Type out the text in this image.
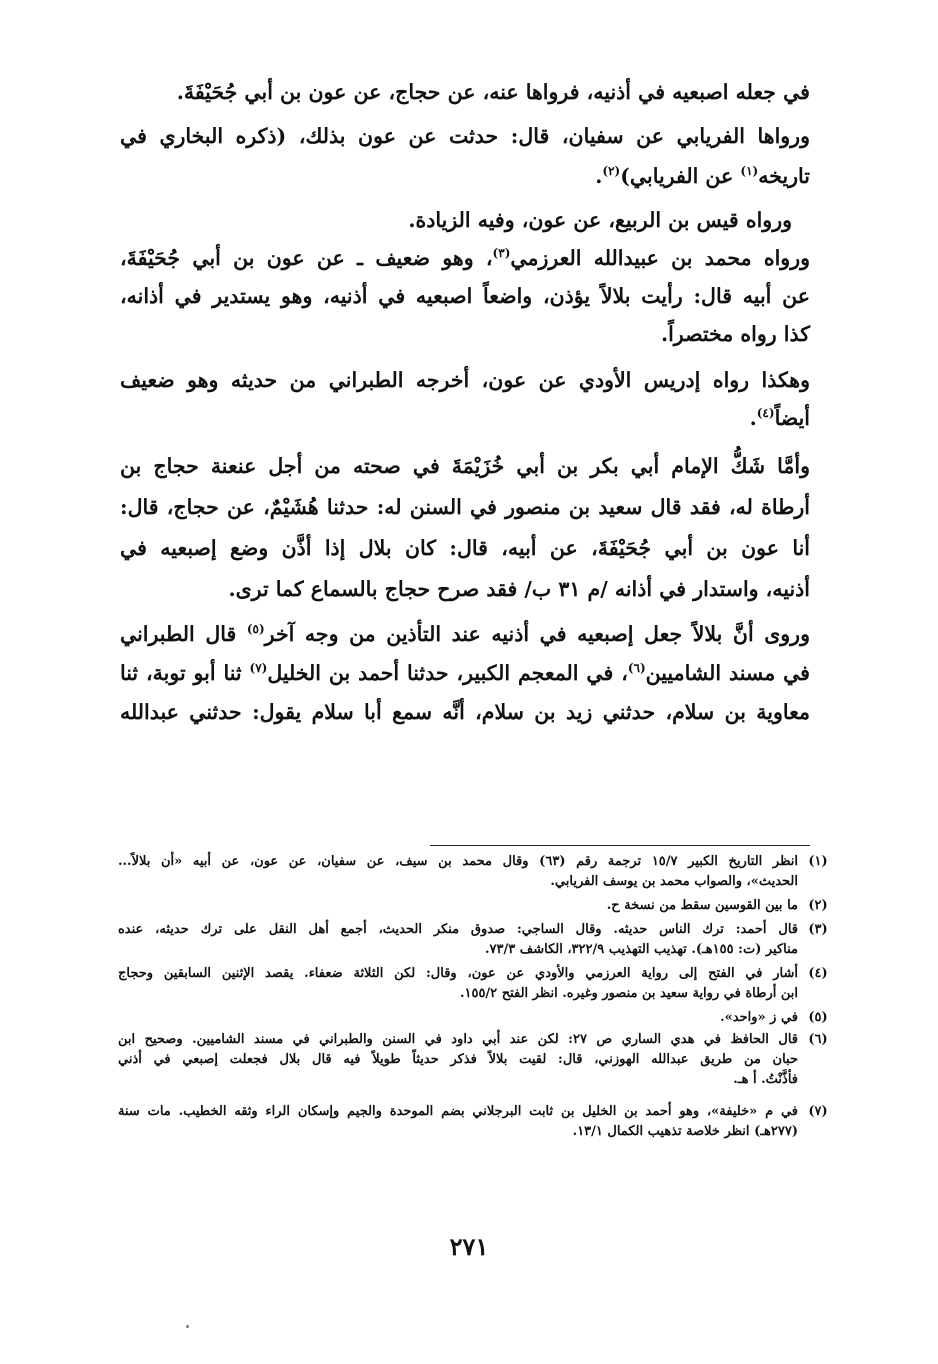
في جعله اصبعيه في أذنيه، فرواها عنه، عن حجاج، عن عون بن أبي جُحَيْفَةَ.
ورواها الفريابي عن سفيان، قال: حدثت عن عون بذلك، (ذكره البخاري في
تاريخه$^{(١)}$ عن الفريابي)$^{(٢)}$.
ورواه قيس بن الربيع، عن عون، وفيه الزيادة.
ورواه محمد بن عبيدالله العرزمي$^{(٣)}$، وهو ضعيف ـ عن عون بن أبي جُحَيْفَةَ،
عن أبيه قال: رأيت بلالاً يؤذن، واضعاً اصبعيه في أذنيه، وهو يستدير في أذانه،
كذا رواه مختصراً.
وهكذا رواه إدريس الأودي عن عون، أخرجه الطبراني من حديثه وهو ضعيف
أيضاً$^{(٤)}$.
وأمَّا شَكُّ الإمام أبي بكر بن أبي خُزَيْمَةَ في صحته من أجل عنعنة حجاج بن
أرطاة له، فقد قال سعيد بن منصور في السنن له: حدثنا هُشَيْمٌ، عن حجاج، قال:
أنا عون بن أبي جُحَيْفَةَ، عن أبيه، قال: كان بلال إذا أذَّن وضع إصبعيه في
أذنيه، واستدار في أذانه /م ٣١ ب/ فقد صرح حجاج بالسماع كما ترى.
وروى أنَّ بلالاً جعل إصبعيه في أذنيه عند التأذين من وجه آخر$^{(٥)}$ قال الطبراني
في مسند الشاميين$^{(٦)}$، في المعجم الكبير، حدثنا أحمد بن الخليل$^{(٧)}$ ثنا أبو توبة، ثنا
معاوية بن سلام، حدثني زيد بن سلام، أنَّه سمع أبا سلام يقول: حدثني عبدالله
(١)
انظر التاريخ الكبير ١٥/٧ ترجمة رقم (٦٣) وقال محمد بن سيف، عن سفيان، عن عون، عن أبيه «أن بلالاً...
الحديث»، والصواب محمد بن يوسف الفريابي.
(٢)
ما بين القوسين سقط من نسخة ح.
(٣)
قال أحمد: ترك الناس حديثه. وقال الساجي: صدوق منكر الحديث، أجمع أهل النقل على ترك حديثه، عنده
مناكير (ت: ١٥٥هـ). تهذيب التهذيب ٣٢٢/٩، الكاشف ٧٣/٣.
(٤)
أشار في الفتح إلى رواية العرزمي والأودي عن عون، وقال: لكن الثلاثة ضعفاء. يقصد الإثنين السابقين وحجاج
ابن أرطاة في رواية سعيد بن منصور وغيره. انظر الفتح ١٥٥/٢.
(٥)
في ز «واحد».
(٦)
قال الحافظ في هدي الساري ص ٢٧: لكن عند أبي داود في السنن والطبراني في مسند الشاميين. وصحيح ابن
حبان من طريق عبدالله الهوزني، قال: لقيت بلالاً فذكر حديثاً طويلاً فيه قال بلال فجعلت إصبعي في أذني
فأذَّنْتُ. أ هـ.
(٧)
في م «خليفة»، وهو أحمد بن الخليل بن ثابت البرجلاني بضم الموحدة والجيم وإسكان الراء وثقه الخطيب. مات سنة
(٢٧٧هـ) انظر خلاصة تذهيب الكمال ١٣/١.
٢٧١
